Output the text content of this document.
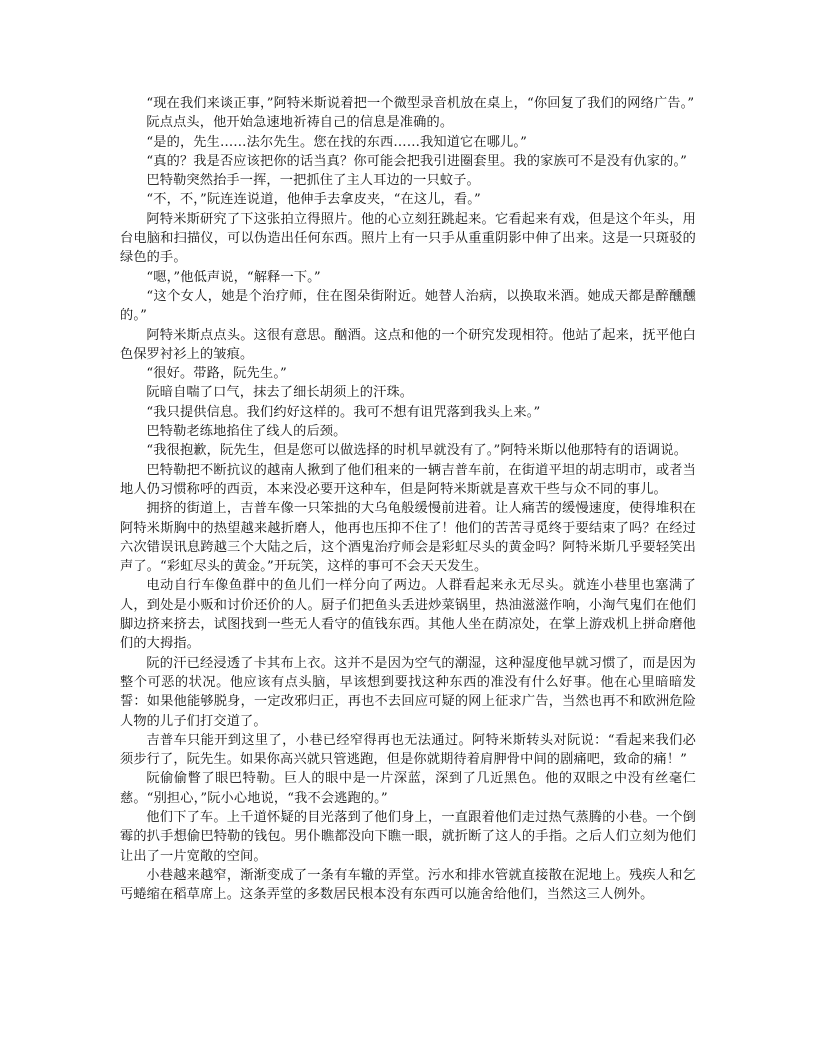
“现在我们来谈正事，”阿特米斯说着把一个微型录音机放在桌上，“你回复了我们的网络广告。”

阮点点头，他开始急速地祈祷自己的信息是准确的。

“是的，先生……法尔先生。您在找的东西……我知道它在哪儿。”

“真的？我是否应该把你的话当真？你可能会把我引进圈套里。我的家族可不是没有仇家的。”

巴特勒突然抬手一挥，一把抓住了主人耳边的一只蚊子。

“不，不，”阮连连说道，他伸手去拿皮夹，“在这儿，看。”

阿特米斯研究了下这张拍立得照片。他的心立刻狂跳起来。它看起来有戏，但是这个年头，用台电脑和扫描仪，可以伪造出任何东西。照片上有一只手从重重阴影中伸了出来。这是一只斑驳的绿色的手。

“嗯，”他低声说，“解释一下。”

“这个女人，她是个治疗师，住在图朵街附近。她替人治病，以换取米酒。她成天都是醉醺醺的。”

阿特米斯点点头。这很有意思。酗酒。这点和他的一个研究发现相符。他站了起来，抚平他白色保罗衬衫上的皱痕。

“很好。带路，阮先生。”

阮暗自喘了口气，抹去了细长胡须上的汗珠。

“我只提供信息。我们约好这样的。我可不想有诅咒落到我头上来。”

巴特勒老练地掐住了线人的后颈。

“我很抱歉，阮先生，但是您可以做选择的时机早就没有了。”阿特米斯以他那特有的语调说。

巴特勒把不断抗议的越南人揪到了他们租来的一辆吉普车前，在街道平坦的胡志明市，或者当地人仍习惯称呼的西贡，本来没必要开这种车，但是阿特米斯就是喜欢干些与众不同的事儿。

拥挤的街道上，吉普车像一只笨拙的大乌龟般缓慢前进着。让人痛苦的缓慢速度，使得堆积在阿特米斯胸中的热望越来越折磨人，他再也压抑不住了！他们的苦苦寻觅终于要结束了吗？在经过六次错误讯息跨越三个大陆之后，这个酒鬼治疗师会是彩虹尽头的黄金吗？阿特米斯几乎要轻笑出声了。“彩虹尽头的黄金。”开玩笑，这样的事可不会天天发生。

电动自行车像鱼群中的鱼儿们一样分向了两边。人群看起来永无尽头。就连小巷里也塞满了人，到处是小贩和讨价还价的人。厨子们把鱼头丢进炒菜锅里，热油滋滋作响，小淘气鬼们在他们脚边挤来挤去，试图找到一些无人看守的值钱东西。其他人坐在荫凉处，在掌上游戏机上拼命磨他们的大拇指。

阮的汗已经浸透了卡其布上衣。这并不是因为空气的潮湿，这种湿度他早就习惯了，而是因为整个可恶的状况。他应该有点头脑，早该想到要找这种东西的准没有什么好事。他在心里暗暗发誓：如果他能够脱身，一定改邪归正，再也不去回应可疑的网上征求广告，当然也再不和欧洲危险人物的儿子们打交道了。

吉普车只能开到这里了，小巷已经窄得再也无法通过。阿特米斯转头对阮说：“看起来我们必须步行了，阮先生。如果你高兴就只管逃跑，但是你就期待着肩胛骨中间的剧痛吧，致命的痛！”

阮偷偷瞥了眼巴特勒。巨人的眼中是一片深蓝，深到了几近黑色。他的双眼之中没有丝毫仁慈。“别担心，”阮小心地说，“我不会逃跑的。”

他们下了车。上千道怀疑的目光落到了他们身上，一直跟着他们走过热气蒸腾的小巷。一个倒霉的扒手想偷巴特勒的钱包。男仆瞧都没向下瞧一眼，就折断了这人的手指。之后人们立刻为他们让出了一片宽敞的空间。

小巷越来越窄，渐渐变成了一条有车辙的弄堂。污水和排水管就直接散在泥地上。残疾人和乞丐蜷缩在稻草席上。这条弄堂的多数居民根本没有东西可以施舍给他们，当然这三人例外。
